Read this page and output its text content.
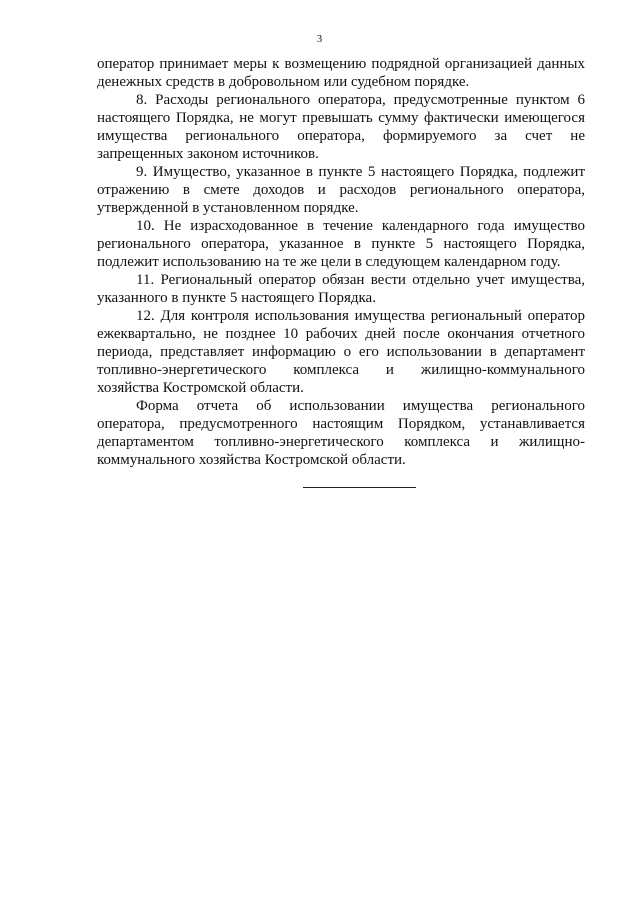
3
оператор принимает меры к возмещению подрядной организацией данных
денежных средств в добровольном или судебном порядке.
8. Расходы регионального оператора, предусмотренные пунктом 6
настоящего Порядка, не могут превышать сумму фактически имеющегося
имущества регионального оператора, формируемого за счет не
запрещенных законом источников.
9. Имущество, указанное в пункте 5 настоящего Порядка, подлежит
отражению в смете доходов и расходов регионального оператора,
утвержденной в установленном порядке.
10. Не израсходованное в течение календарного года имущество
регионального оператора, указанное в пункте 5 настоящего Порядка,
подлежит использованию на те же цели в следующем календарном году.
11. Региональный оператор обязан вести отдельно учет имущества,
указанного в пункте 5 настоящего Порядка.
12. Для контроля использования имущества региональный оператор
ежеквартально, не позднее 10 рабочих дней после окончания отчетного
периода, представляет информацию о его использовании в департамент
топливно-энергетического комплекса и жилищно-коммунального
хозяйства Костромской области.
Форма отчета об использовании имущества регионального
оператора, предусмотренного настоящим Порядком, устанавливается
департаментом топливно-энергетического комплекса и жилищно-
коммунального хозяйства Костромской области.
